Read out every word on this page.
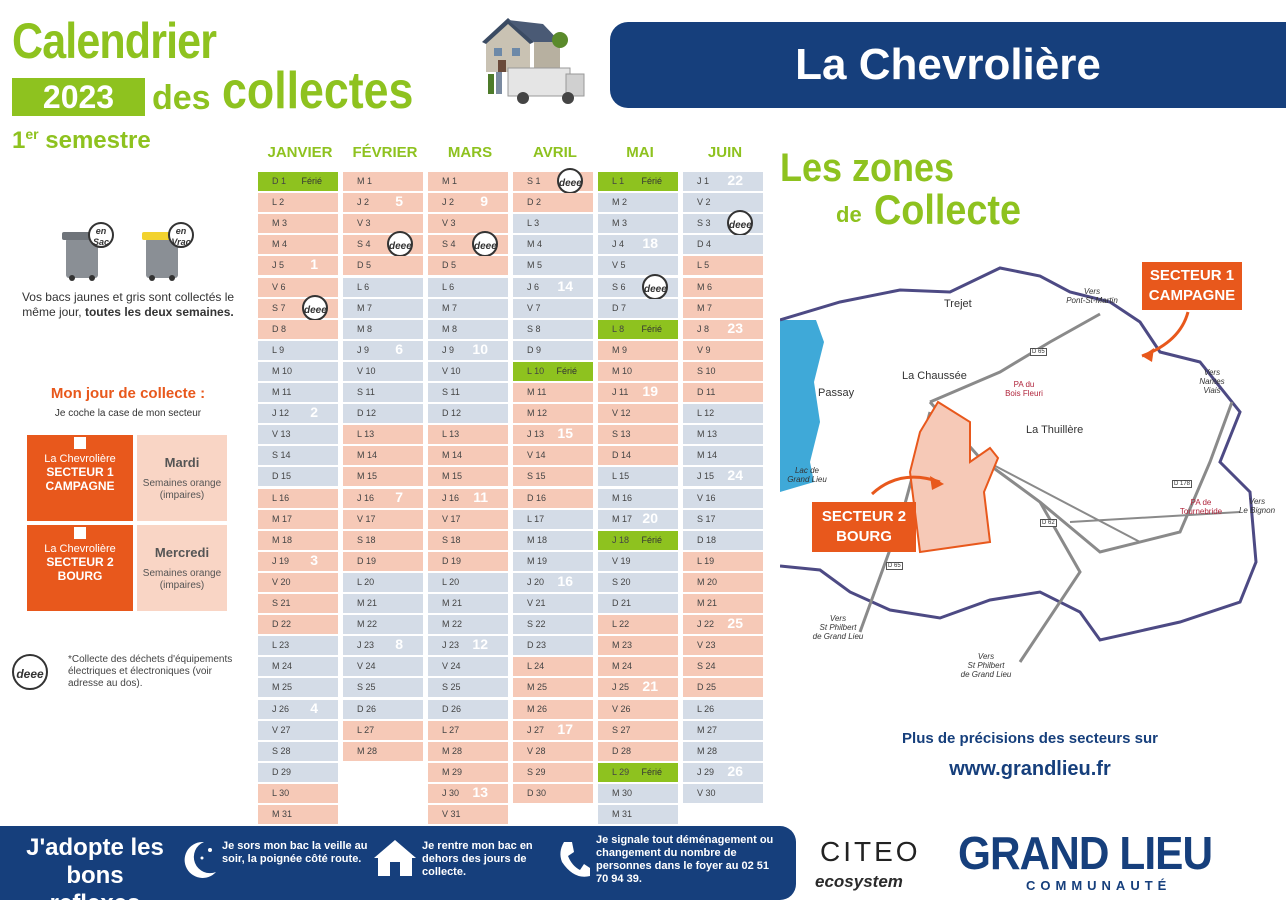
Calendrier
2023	des collectes
1er semestre
La Chevrolière
en Sac
en Vrac
Vos bacs jaunes et gris sont collectés le même jour, toutes les deux semaines.
Mon jour de collecte :
Je coche la case de mon secteur
La Chevrolière
SECTEUR 1
CAMPAGNE
Mardi
Semaines orange (impaires)
La Chevrolière
SECTEUR 2
BOURG
Mercredi
Semaines orange (impaires)
deee
*Collecte des déchets d'équipements électriques et électroniques (voir adresse au dos).
JANVIER
D 1 Férié
L 2
M 3
M 4
J 5 1
V 6
S 7 deee
D 8
L 9
M 10
M 11
J 12 2
V 13
S 14
D 15
L 16
M 17
M 18
J 19 3
V 20
S 21
D 22
L 23
M 24
M 25
J 26 4
V 27
S 28
D 29
L 30
M 31
FÉVRIER
M 1
J 2 5
V 3
S 4 deee
D 5
L 6
M 7
M 8
J 9 6
V 10
S 11
D 12
L 13
M 14
M 15
J 16 7
V 17
S 18
D 19
L 20
M 21
M 22
J 23 8
V 24
S 25
D 26
L 27
M 28
MARS
M 1
J 2 9
V 3
S 4 deee
D 5
L 6
M 7
M 8
J 9 10
V 10
S 11
D 12
L 13
M 14
M 15
J 16 11
V 17
S 18
D 19
L 20
M 21
M 22
J 23 12
V 24
S 25
D 26
L 27
M 28
M 29
J 30 13
V 31
AVRIL
S 1 deee
D 2
L 3
M 4
M 5
J 6 14
V 7
S 8
D 9
L 10 Férié
M 11
M 12
J 13 15
V 14
S 15
D 16
L 17
M 18
M 19
J 20 16
V 21
S 22
D 23
L 24
M 25
M 26
J 27 17
V 28
S 29
D 30
MAI
L 1 Férié
M 2
M 3
J 4 18
V 5
S 6 deee
D 7
L 8 Férié
M 9
M 10
J 11 19
V 12
S 13
D 14
L 15
M 16
M 17 20
J 18 Férié
V 19
S 20
D 21
L 22
M 23
M 24
J 25 21
V 26
S 27
D 28
L 29 Férié
M 30
M 31
JUIN
J 1 22
V 2
S 3 deee
D 4
L 5
M 6
M 7
J 8 23
V 9
S 10
D 11
L 12
M 13
M 14
J 15 24
V 16
S 17
D 18
L 19
M 20
M 21
J 22 25
V 23
S 24
D 25
L 26
M 27
M 28
J 29 26
V 30
Les zones
de Collecte
SECTEUR 1
CAMPAGNE
SECTEUR 2
BOURG
Trejet
La Chaussée
Passay
La Thuillère
Vers
Pont-St-Martin
Vers
Nantes
Viais
Vers
Le Bignon
Vers
St Philbert
de Grand Lieu
Vers
St Philbert
de Grand Lieu
Lac de
Grand Lieu
PA du
Bois Fleuri
PA de
Tournebride
D 65
D 178
D 62
D 65
Plus de précisions des secteurs sur
www.grandlieu.fr
J'adopte les
bons reflexes
Je sors mon bac la veille au soir, la poignée côté route.
Je rentre mon bac en dehors des jours de collecte.
Je signale tout déménagement ou changement du nombre de personnes dans le foyer au 02 51 70 94 39.
CITEO
ecosystem
GRAND LIEU
COMMUNAUTÉ
